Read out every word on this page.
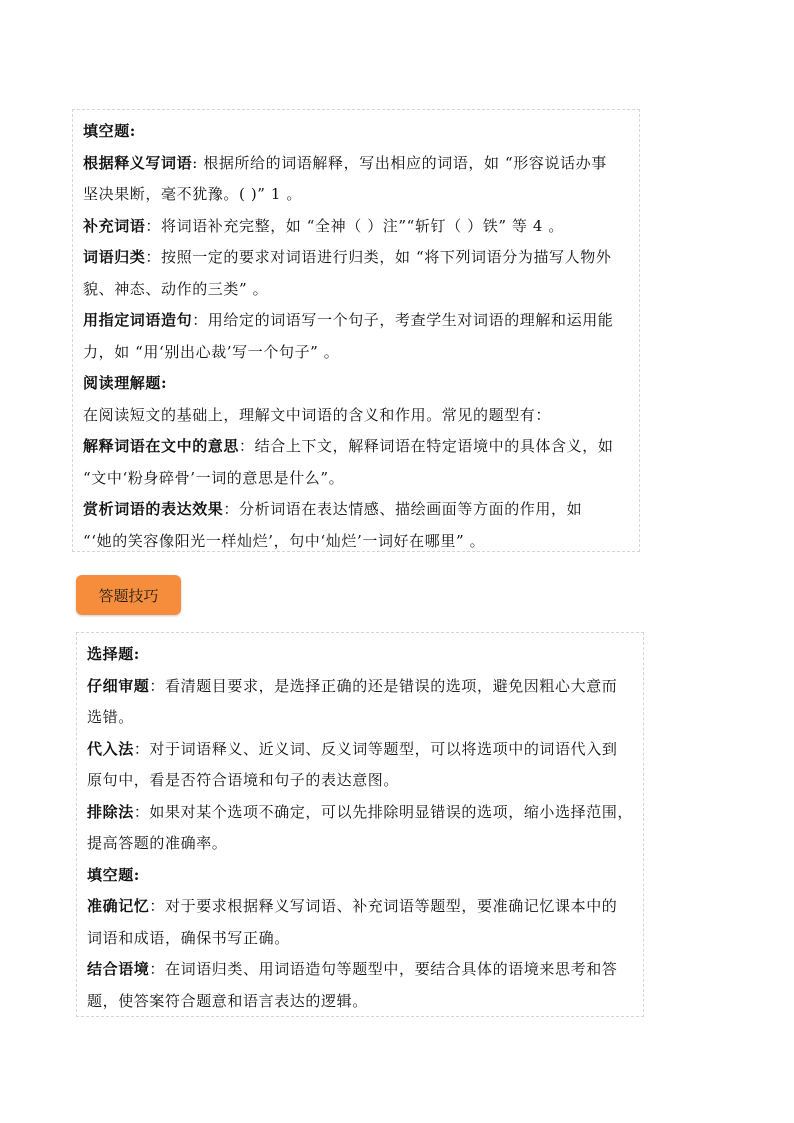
填空题:
根据释义写词语: 根据所给的词语解释，写出相应的词语，如 “形容说话办事
坚决果断，毫不犹豫。( )” 1 。
补充词语：将词语补充完整，如 “全神（ ）注”“斩钉（ ）铁” 等 4 。
词语归类：按照一定的要求对词语进行归类，如 “将下列词语分为描写人物外
貌、神态、动作的三类” 。
用指定词语造句：用给定的词语写一个句子，考查学生对词语的理解和运用能
力，如 “用‘别出心裁’写一个句子” 。
阅读理解题:
在阅读短文的基础上，理解文中词语的含义和作用。常见的题型有：
解释词语在文中的意思：结合上下文，解释词语在特定语境中的具体含义，如
“文中‘粉身碎骨’一词的意思是什么”。
赏析词语的表达效果：分析词语在表达情感、描绘画面等方面的作用，如
“‘她的笑容像阳光一样灿烂’，句中‘灿烂’一词好在哪里” 。
答题技巧
选择题:
仔细审题：看清题目要求，是选择正确的还是错误的选项，避免因粗心大意而
选错。
代入法：对于词语释义、近义词、反义词等题型，可以将选项中的词语代入到
原句中，看是否符合语境和句子的表达意图。
排除法：如果对某个选项不确定，可以先排除明显错误的选项，缩小选择范围，
提高答题的准确率。
填空题:
准确记忆：对于要求根据释义写词语、补充词语等题型，要准确记忆课本中的
词语和成语，确保书写正确。
结合语境：在词语归类、用词语造句等题型中，要结合具体的语境来思考和答
题，使答案符合题意和语言表达的逻辑。
